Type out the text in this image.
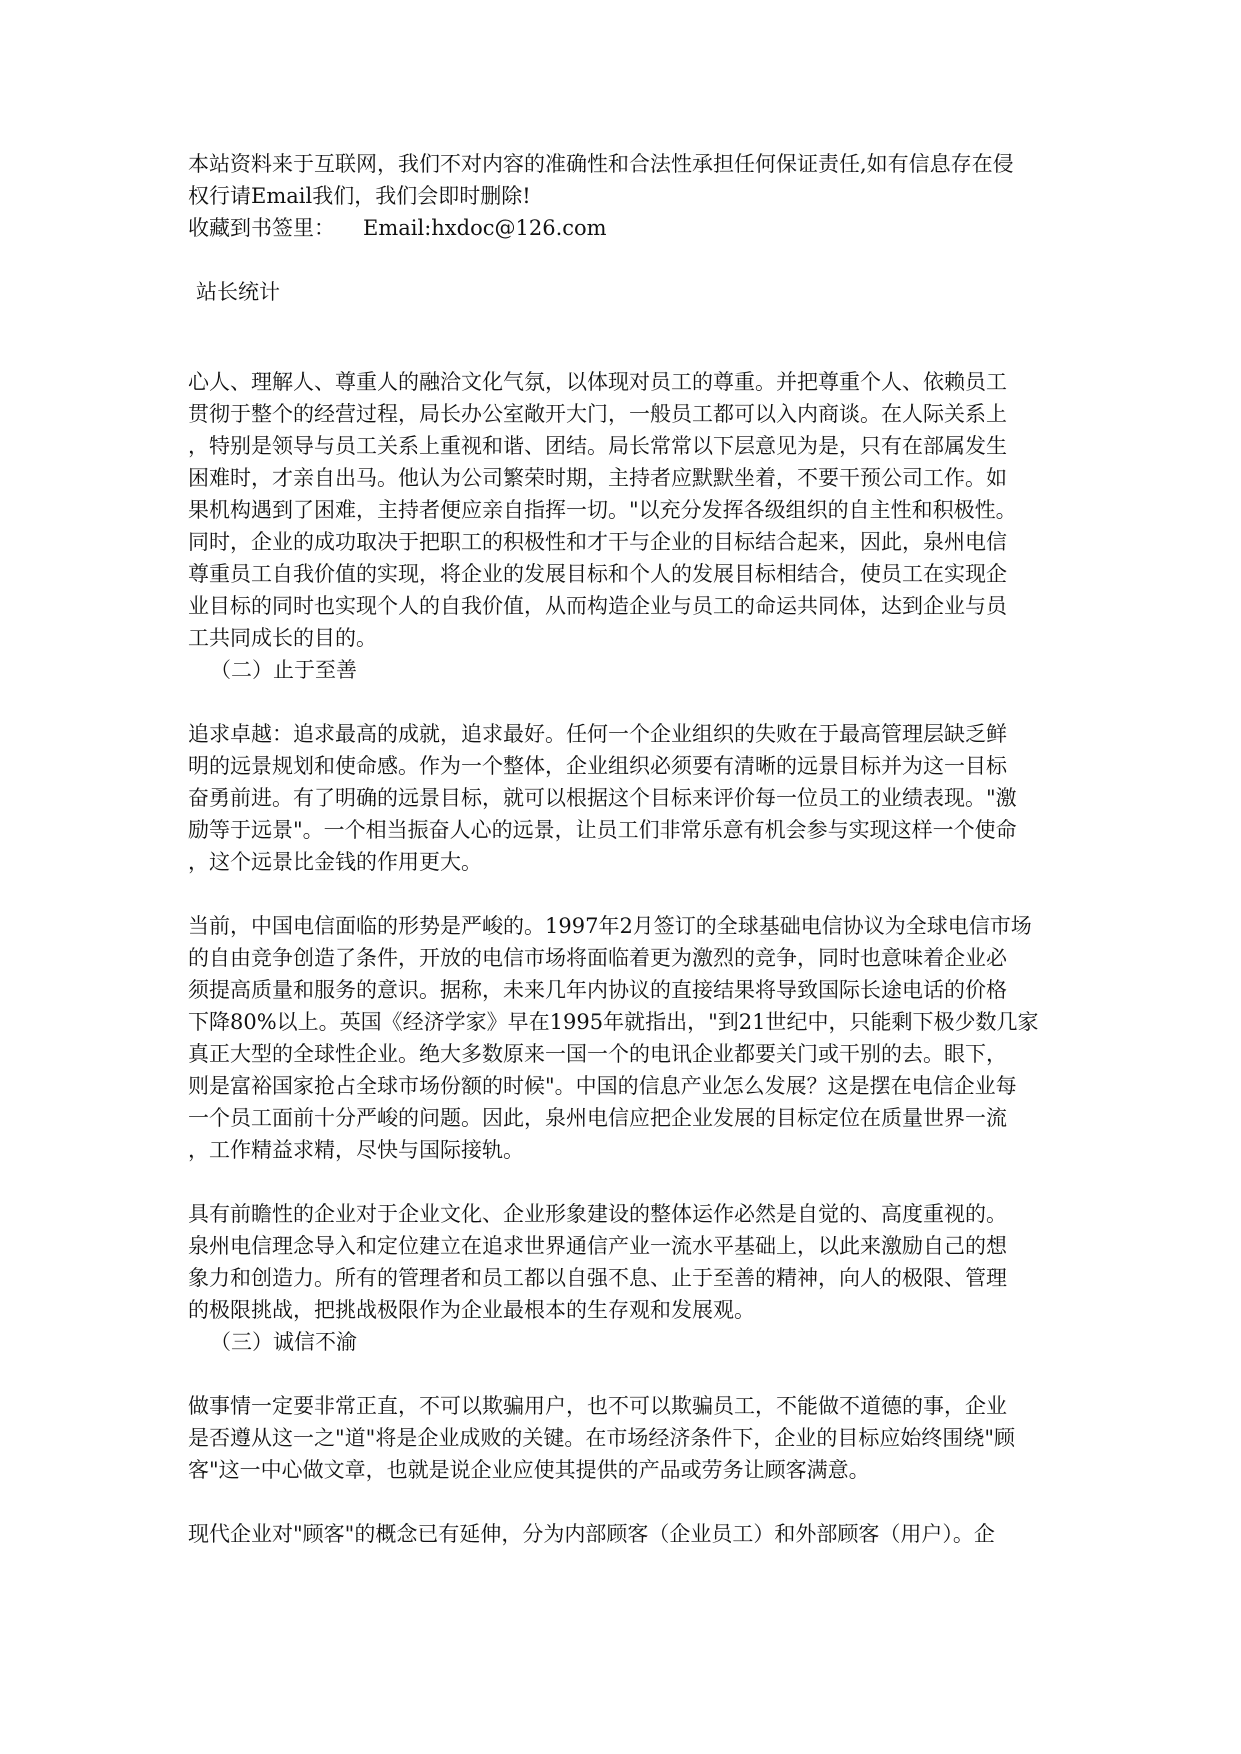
本站资料来于互联网，我们不对内容的准确性和合法性承担任何保证责任,如有信息存在侵
权行请Email我们，我们会即时删除!
收藏到书签里： Email:hxdoc@126.com
站长统计
心人、理解人、尊重人的融洽文化气氛，以体现对员工的尊重。并把尊重个人、依赖员工
贯彻于整个的经营过程，局长办公室敞开大门，一般员工都可以入内商谈。在人际关系上
，特别是领导与员工关系上重视和谐、团结。局长常常以下层意见为是，只有在部属发生
困难时，才亲自出马。他认为公司繁荣时期，主持者应默默坐着，不要干预公司工作。如
果机构遇到了困难，主持者便应亲自指挥一切。"以充分发挥各级组织的自主性和积极性。
同时，企业的成功取决于把职工的积极性和才干与企业的目标结合起来，因此，泉州电信
尊重员工自我价值的实现，将企业的发展目标和个人的发展目标相结合，使员工在实现企
业目标的同时也实现个人的自我价值，从而构造企业与员工的命运共同体，达到企业与员
工共同成长的目的。
（二）止于至善
追求卓越：追求最高的成就，追求最好。任何一个企业组织的失败在于最高管理层缺乏鲜
明的远景规划和使命感。作为一个整体，企业组织必须要有清晰的远景目标并为这一目标
奋勇前进。有了明确的远景目标，就可以根据这个目标来评价每一位员工的业绩表现。"激
励等于远景"。一个相当振奋人心的远景，让员工们非常乐意有机会参与实现这样一个使命
，这个远景比金钱的作用更大。
当前，中国电信面临的形势是严峻的。1997年2月签订的全球基础电信协议为全球电信市场
的自由竞争创造了条件，开放的电信市场将面临着更为激烈的竞争，同时也意味着企业必
须提高质量和服务的意识。据称，未来几年内协议的直接结果将导致国际长途电话的价格
下降80%以上。英国《经济学家》早在1995年就指出，"到21世纪中，只能剩下极少数几家
真正大型的全球性企业。绝大多数原来一国一个的电讯企业都要关门或干别的去。眼下，
则是富裕国家抢占全球市场份额的时候"。中国的信息产业怎么发展？这是摆在电信企业每
一个员工面前十分严峻的问题。因此，泉州电信应把企业发展的目标定位在质量世界一流
，工作精益求精，尽快与国际接轨。
具有前瞻性的企业对于企业文化、企业形象建设的整体运作必然是自觉的、高度重视的。
泉州电信理念导入和定位建立在追求世界通信产业一流水平基础上，以此来激励自己的想
象力和创造力。所有的管理者和员工都以自强不息、止于至善的精神，向人的极限、管理
的极限挑战，把挑战极限作为企业最根本的生存观和发展观。
（三）诚信不渝
做事情一定要非常正直，不可以欺骗用户，也不可以欺骗员工，不能做不道德的事，企业
是否遵从这一之"道"将是企业成败的关键。在市场经济条件下，企业的目标应始终围绕"顾
客"这一中心做文章，也就是说企业应使其提供的产品或劳务让顾客满意。
现代企业对"顾客"的概念已有延伸，分为内部顾客（企业员工）和外部顾客（用户）。企
